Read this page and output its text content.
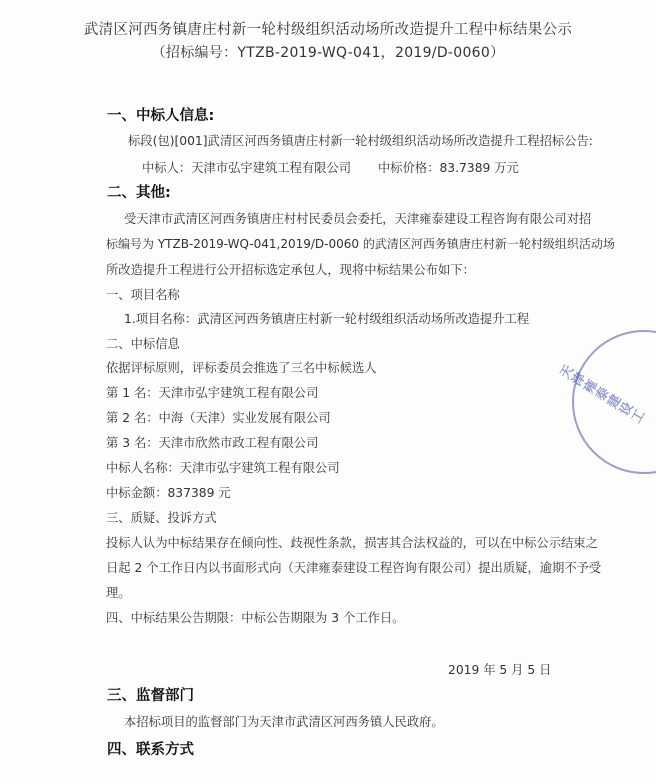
武清区河西务镇唐庄村新一轮村级组织活动场所改造提升工程中标结果公示
（招标编号：YTZB-2019-WQ-041，2019/D-0060）
一、中标人信息:
标段(包)[001]武清区河西务镇唐庄村新一轮村级组织活动场所改造提升工程招标公告:
中标人：天津市弘宇建筑工程有限公司 中标价格：83.7389 万元
二、其他:
受天津市武清区河西务镇唐庄村村民委员会委托，天津雍泰建设工程咨询有限公司对招
标编号为 YTZB-2019-WQ-041,2019/D-0060 的武清区河西务镇唐庄村新一轮村级组织活动场
所改造提升工程进行公开招标选定承包人，现将中标结果公布如下：
一、项目名称
1.项目名称：武清区河西务镇唐庄村新一轮村级组织活动场所改造提升工程
二、中标信息
依据评标原则，评标委员会推选了三名中标候选人
第 1 名：天津市弘宇建筑工程有限公司
第 2 名：中海（天津）实业发展有限公司
第 3 名：天津市欣然市政工程有限公司
中标人名称：天津市弘宇建筑工程有限公司
中标金额：837389 元
三、质疑、投诉方式
投标人认为中标结果存在倾向性、歧视性条款，损害其合法权益的，可以在中标公示结束之
日起 2 个工作日内以书面形式向（天津雍泰建设工程咨询有限公司）提出质疑，逾期不予受
理。
四、中标结果公告期限：中标公告期限为 3 个工作日。
2019 年 5 月 5 日
三、监督部门
本招标项目的监督部门为天津市武清区河西务镇人民政府。
四、联系方式
天津雍泰建设工
